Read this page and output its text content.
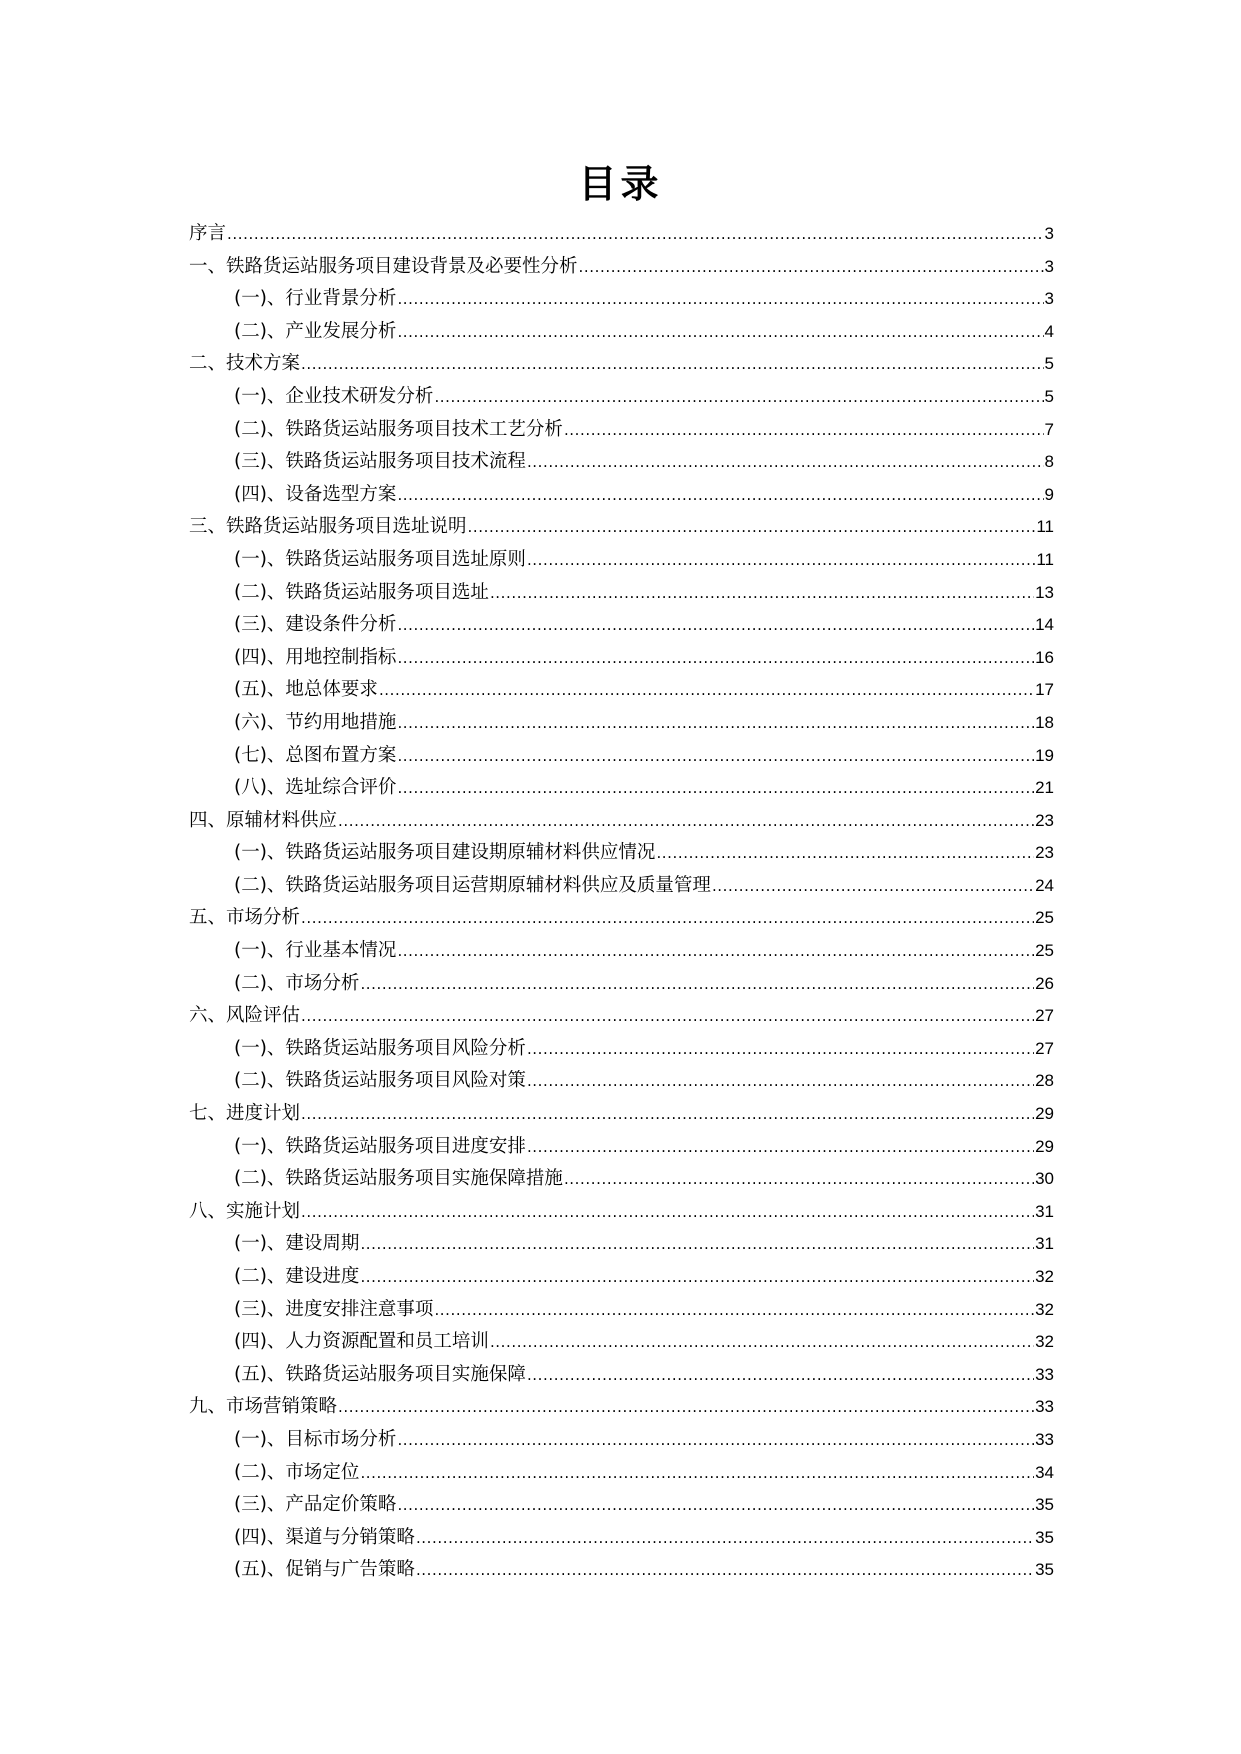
目录
序言 .....	3
一、铁路货运站服务项目建设背景及必要性分析 .....	3
(一)、行业背景分析 .....	3
(二)、产业发展分析 .....	4
二、技术方案 .....	5
(一)、企业技术研发分析 .....	5
(二)、铁路货运站服务项目技术工艺分析 .....	7
(三)、铁路货运站服务项目技术流程 .....	8
(四)、设备选型方案 .....	9
三、铁路货运站服务项目选址说明 .....	11
(一)、铁路货运站服务项目选址原则 .....	11
(二)、铁路货运站服务项目选址 .....	13
(三)、建设条件分析 .....	14
(四)、用地控制指标 .....	16
(五)、地总体要求 .....	17
(六)、节约用地措施 .....	18
(七)、总图布置方案 .....	19
(八)、选址综合评价 .....	21
四、原辅材料供应 .....	23
(一)、铁路货运站服务项目建设期原辅材料供应情况 .....	23
(二)、铁路货运站服务项目运营期原辅材料供应及质量管理 .....	24
五、市场分析 .....	25
(一)、行业基本情况 .....	25
(二)、市场分析 .....	26
六、风险评估 .....	27
(一)、铁路货运站服务项目风险分析 .....	27
(二)、铁路货运站服务项目风险对策 .....	28
七、进度计划 .....	29
(一)、铁路货运站服务项目进度安排 .....	29
(二)、铁路货运站服务项目实施保障措施 .....	30
八、实施计划 .....	31
(一)、建设周期 .....	31
(二)、建设进度 .....	32
(三)、进度安排注意事项 .....	32
(四)、人力资源配置和员工培训 .....	32
(五)、铁路货运站服务项目实施保障 .....	33
九、市场营销策略 .....	33
(一)、目标市场分析 .....	33
(二)、市场定位 .....	34
(三)、产品定价策略 .....	35
(四)、渠道与分销策略 .....	35
(五)、促销与广告策略 .....	35
